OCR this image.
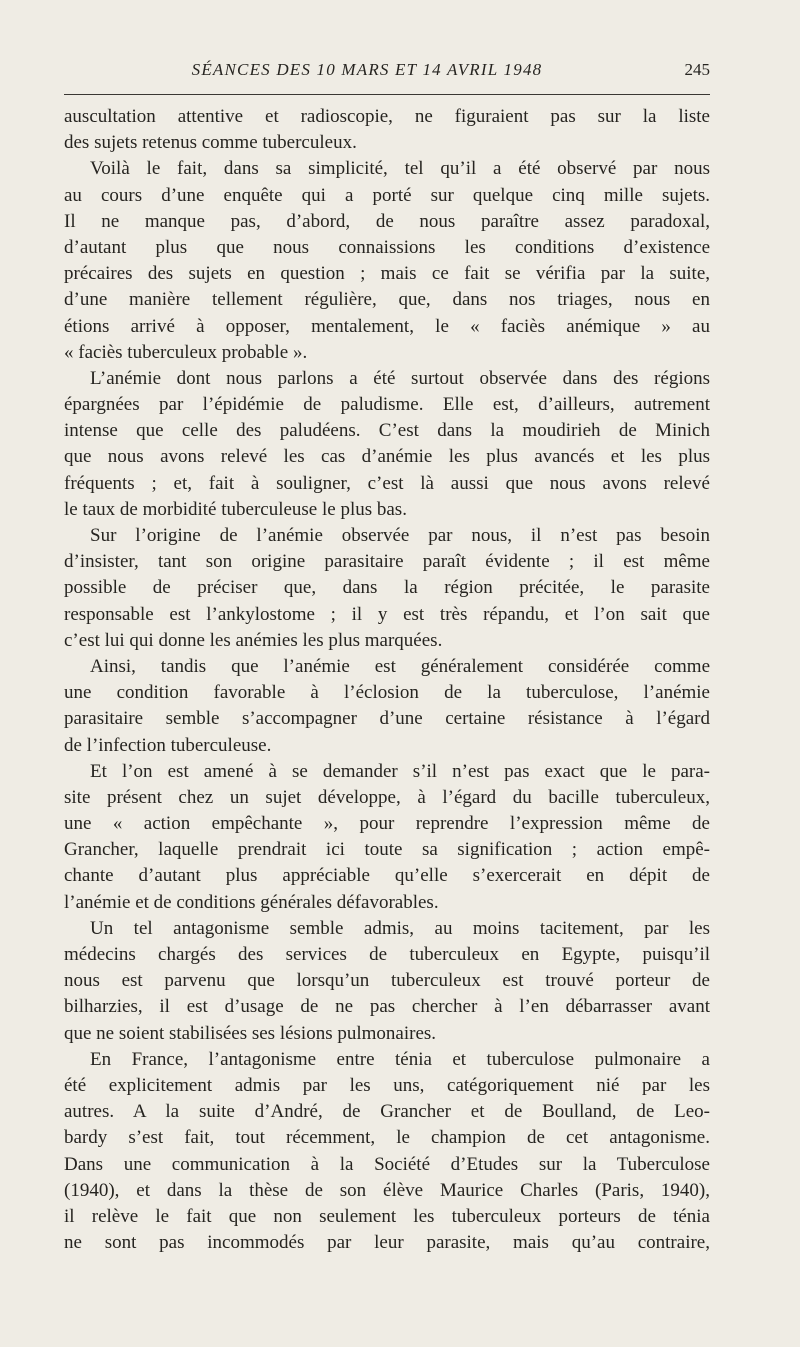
SÉANCES DES 10 MARS ET 14 AVRIL 1948	245
auscultation attentive et radioscopie, ne figuraient pas sur la liste
des sujets retenus comme tuberculeux.
Voilà le fait, dans sa simplicité, tel qu’il a été observé par nous
au cours d’une enquête qui a porté sur quelque cinq mille sujets.
Il ne manque pas, d’abord, de nous paraître assez paradoxal,
d’autant plus que nous connaissions les conditions d’existence
précaires des sujets en question ; mais ce fait se vérifia par la suite,
d’une manière tellement régulière, que, dans nos triages, nous en
étions arrivé à opposer, mentalement, le « faciès anémique » au
« faciès tuberculeux probable ».
L’anémie dont nous parlons a été surtout observée dans des régions
épargnées par l’épidémie de paludisme. Elle est, d’ailleurs, autrement
intense que celle des paludéens. C’est dans la moudirieh de Minich
que nous avons relevé les cas d’anémie les plus avancés et les plus
fréquents ; et, fait à souligner, c’est là aussi que nous avons relevé
le taux de morbidité tuberculeuse le plus bas.
Sur l’origine de l’anémie observée par nous, il n’est pas besoin
d’insister, tant son origine parasitaire paraît évidente ; il est même
possible de préciser que, dans la région précitée, le parasite
responsable est l’ankylostome ; il y est très répandu, et l’on sait que
c’est lui qui donne les anémies les plus marquées.
Ainsi, tandis que l’anémie est généralement considérée comme
une condition favorable à l’éclosion de la tuberculose, l’anémie
parasitaire semble s’accompagner d’une certaine résistance à l’égard
de l’infection tuberculeuse.
Et l’on est amené à se demander s’il n’est pas exact que le para-
site présent chez un sujet développe, à l’égard du bacille tuberculeux,
une « action empêchante », pour reprendre l’expression même de
Grancher, laquelle prendrait ici toute sa signification ; action empê-
chante d’autant plus appréciable qu’elle s’exercerait en dépit de
l’anémie et de conditions générales défavorables.
Un tel antagonisme semble admis, au moins tacitement, par les
médecins chargés des services de tuberculeux en Egypte, puisqu’il
nous est parvenu que lorsqu’un tuberculeux est trouvé porteur de
bilharzies, il est d’usage de ne pas chercher à l’en débarrasser avant
que ne soient stabilisées ses lésions pulmonaires.
En France, l’antagonisme entre ténia et tuberculose pulmonaire a
été explicitement admis par les uns, catégoriquement nié par les
autres. A la suite d’André, de Grancher et de Boulland, de Leo-
bardy s’est fait, tout récemment, le champion de cet antagonisme.
Dans une communication à la Société d’Etudes sur la Tuberculose
(1940), et dans la thèse de son élève Maurice Charles (Paris, 1940),
il relève le fait que non seulement les tuberculeux porteurs de ténia
ne sont pas incommodés par leur parasite, mais qu’au contraire,
